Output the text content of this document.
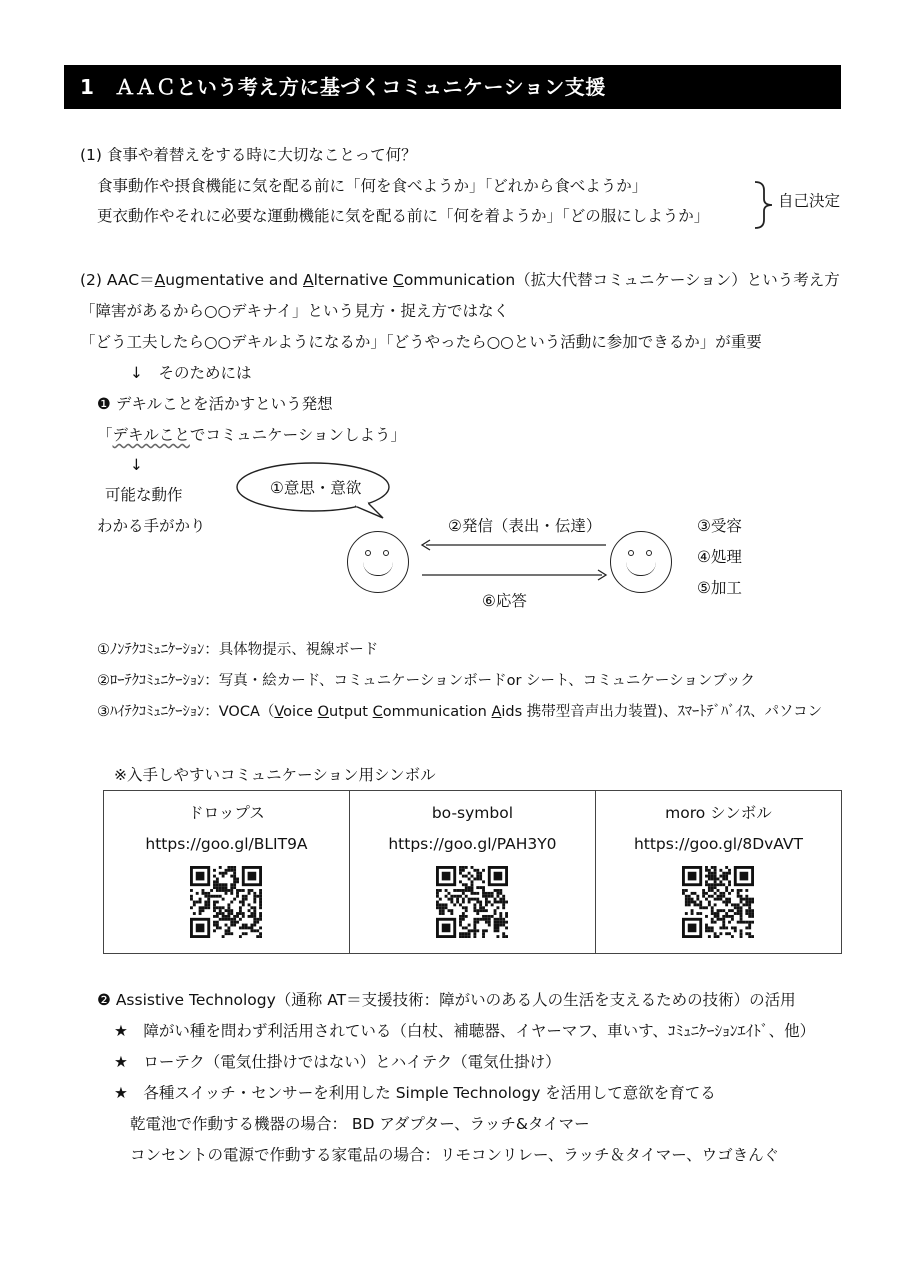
1　ＡＡＣという考え方に基づくコミュニケーション支援
(1) 食事や着替えをする時に大切なことって何？
食事動作や摂食機能に気を配る前に「何を食べようか」「どれから食べようか」
更衣動作やそれに必要な運動機能に気を配る前に「何を着ようか」「どの服にしようか」
自己決定
(2) AAC＝Augmentative and Alternative Communication（拡大代替コミュニケーション）という考え方
「障害があるから○○デキナイ」という見方・捉え方ではなく
「どう工夫したら○○デキルようになるか」「どうやったら○○という活動に参加できるか」が重要
↓　そのためには
❶ デキルことを活かすという発想
「デキルことでコミュニケーションしよう」
↓
可能な動作
わかる手がかり
①意思・意欲
②発信（表出・伝達）
⑥応答
③受容
④処理
⑤加工
①ﾉﾝﾃｸｺﾐｭﾆｹｰｼｮﾝ：具体物提示、視線ボード
②ﾛｰﾃｸｺﾐｭﾆｹｰｼｮﾝ：写真・絵カード、コミュニケーションボードor シート、コミュニケーションブック
③ﾊｲﾃｸｺﾐｭﾆｹｰｼｮﾝ：VOCA（Voice Output Communication Aids 携帯型音声出力装置)、ｽﾏｰﾄﾃﾞﾊﾞｲｽ、パソコン
※入手しやすいコミュニケーション用シンボル
ドロップス
https://goo.gl/BLIT9A

bo-symbol
https://goo.gl/PAH3Y0

moro シンボル
https://goo.gl/8DvAVT
❷ Assistive Technology（通称 AT＝支援技術：障がいのある人の生活を支えるための技術）の活用
★　障がい種を問わず利活用されている（白杖、補聴器、イヤーマフ、車いす、ｺﾐｭﾆｹｰｼｮﾝｴｲﾄﾞ、他）
★　ローテク（電気仕掛けではない）とハイテク（電気仕掛け）
★　各種スイッチ・センサーを利用した Simple Technology を活用して意欲を育てる
乾電池で作動する機器の場合： BD アダプター、ラッチ&タイマー
コンセントの電源で作動する家電品の場合：リモコンリレー、ラッチ＆タイマー、ウゴきんぐ
